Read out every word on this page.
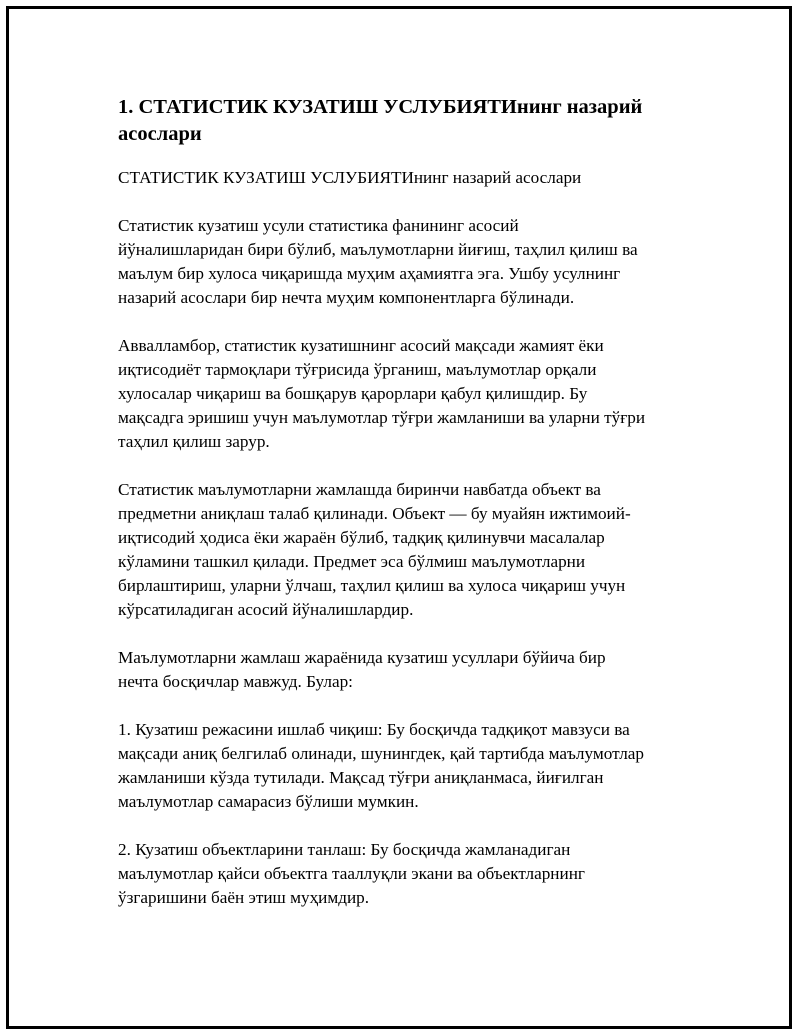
1. СТАТИСТИК КУЗАТИШ УСЛУБИЯТИнинг назарий
асослари
СТАТИСТИК КУЗАТИШ УСЛУБИЯТИнинг назарий асослари
Статистик кузатиш усули статистика фанининг асосий
йўналишларидан бири бўлиб, маълумотларни йиғиш, таҳлил қилиш ва
маълум бир хулоса чиқаришда муҳим аҳамиятга эга. Ушбу усулнинг
назарий асослари бир нечта муҳим компонентларга бўлинади.
Аввалламбор, статистик кузатишнинг асосий мақсади жамият ёки
иқтисодиёт тармоқлари тўғрисида ўрганиш, маълумотлар орқали
хулосалар чиқариш ва бошқарув қарорлари қабул қилишдир. Бу
мақсадга эришиш учун маълумотлар тўғри жамланиши ва уларни тўғри
таҳлил қилиш зарур.
Статистик маълумотларни жамлашда биринчи навбатда объект ва
предметни аниқлаш талаб қилинади. Объект — бу муайян ижтимоий-
иқтисодий ҳодиса ёки жараён бўлиб, тадқиқ қилинувчи масалалар
кўламини ташкил қилади. Предмет эса бўлмиш маълумотларни
бирлаштириш, уларни ўлчаш, таҳлил қилиш ва хулоса чиқариш учун
кўрсатиладиган асосий йўналишлардир.
Маълумотларни жамлаш жараёнида кузатиш усуллари бўйича бир
нечта босқичлар мавжуд. Булар:
1. Кузатиш режасини ишлаб чиқиш: Бу босқичда тадқиқот мавзуси ва
мақсади аниқ белгилаб олинади, шунингдек, қай тартибда маълумотлар
жамланиши кўзда тутилади. Мақсад тўғри аниқланмаса, йиғилган
маълумотлар самарасиз бўлиши мумкин.
2. Кузатиш объектларини танлаш: Бу босқичда жамланадиган
маълумотлар қайси объектга тааллуқли экани ва объектларнинг
ўзгаришини баён этиш муҳимдир.
